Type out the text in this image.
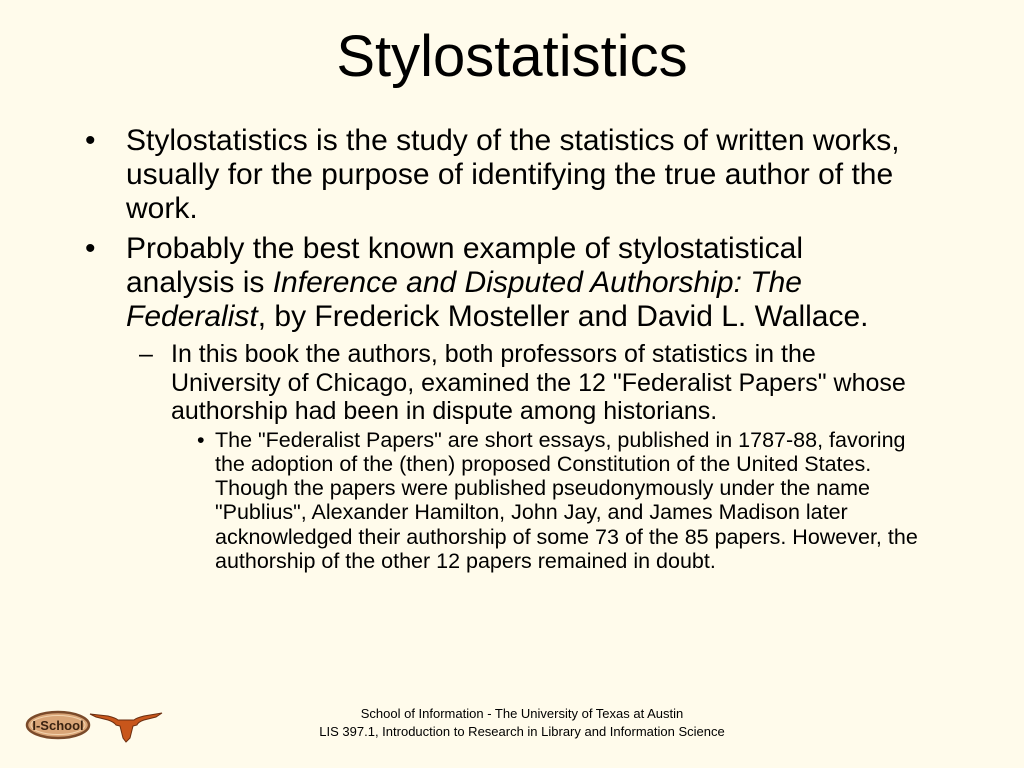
Stylostatistics
• Stylostatistics is the study of the statistics of written works, usually for the purpose of identifying the true author of the work.
• Probably the best known example of stylostatistical analysis is Inference and Disputed Authorship: The Federalist, by Frederick Mosteller and David L. Wallace.
– In this book the authors, both professors of statistics in the University of Chicago, examined the 12 "Federalist Papers" whose authorship had been in dispute among historians.
• The "Federalist Papers" are short essays, published in 1787-88, favoring the adoption of the (then) proposed Constitution of the United States. Though the papers were published pseudonymously under the name "Publius", Alexander Hamilton, John Jay, and James Madison later acknowledged their authorship of some 73 of the 85 papers. However, the authorship of the other 12 papers remained in doubt.
I-School
School of Information - The University of Texas at Austin
LIS 397.1, Introduction to Research in Library and Information Science
